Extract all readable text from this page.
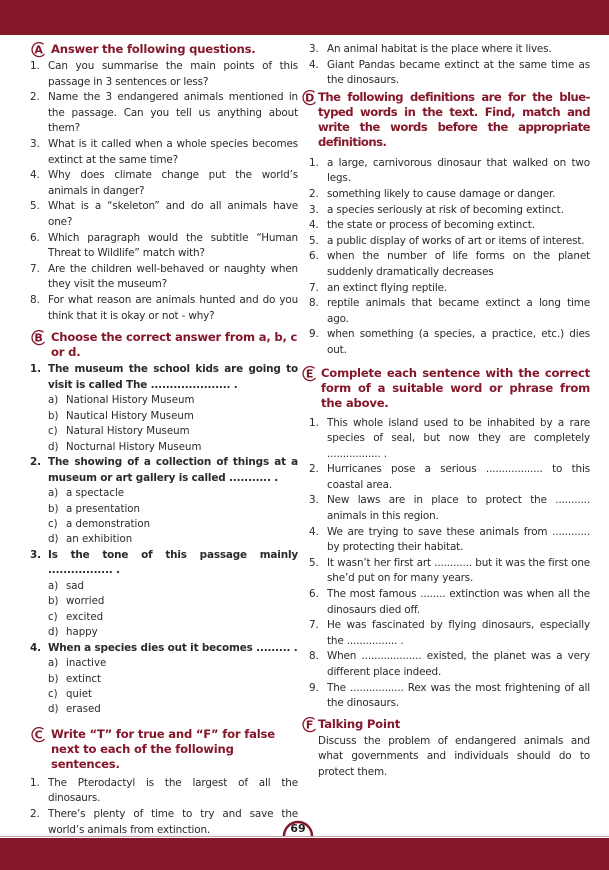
A Answer the following questions.
1. Can you summarise the main points of this passage in 3 sentences or less?
2. Name the 3 endangered animals mentioned in the passage. Can you tell us anything about them?
3. What is it called when a whole species becomes extinct at the same time?
4. Why does climate change put the world’s animals in danger?
5. What is a “skeleton” and do all animals have one?
6. Which paragraph would the subtitle “Human Threat to Wildlife” match with?
7. Are the children well-behaved or naughty when they visit the museum?
8. For what reason are animals hunted and do you think that it is okay or not - why?
B Choose the correct answer from a, b, c or d.
1. The museum the school kids are going to visit is called The ..................... .
a) National History Museum
b) Nautical History Museum
c) Natural History Museum
d) Nocturnal History Museum
2. The showing of a collection of things at a museum or art gallery is called ........... .
a) a spectacle
b) a presentation
c) a demonstration
d) an exhibition
3. Is the tone of this passage mainly ................. .
a) sad
b) worried
c) excited
d) happy
4. When a species dies out it becomes ......... .
a) inactive
b) extinct
c) quiet
d) erased
C Write “T” for true and “F” for false next to each of the following sentences.
1. The Pterodactyl is the largest of all the dinosaurs.
2. There’s plenty of time to try and save the world’s animals from extinction.
3. An animal habitat is the place where it lives.
4. Giant Pandas became extinct at the same time as the dinosaurs.
D The following definitions are for the blue-typed words in the text. Find, match and write the words before the appropriate definitions.
1. a large, carnivorous dinosaur that walked on two legs.
2. something likely to cause damage or danger.
3. a species seriously at risk of becoming extinct.
4. the state or process of becoming extinct.
5. a public display of works of art or items of interest.
6. when the number of life forms on the planet suddenly dramatically decreases
7. an extinct flying reptile.
8. reptile animals that became extinct a long time ago.
9. when something (a species, a practice, etc.) dies out.
E Complete each sentence with the correct form of a suitable word or phrase from the above.
1. This whole island used to be inhabited by a rare species of seal, but now they are completely ................. .
2. Hurricanes pose a serious .................. to this coastal area.
3. New laws are in place to protect the ........... animals in this region.
4. We are trying to save these animals from ............ by protecting their habitat.
5. It wasn’t her first art ............ but it was the first one she’d put on for many years.
6. The most famous ........ extinction was when all the dinosaurs died off.
7. He was fascinated by flying dinosaurs, especially the ................ .
8. When ................... existed, the planet was a very different place indeed.
9. The ................. Rex was the most frightening of all the dinosaurs.
F Talking Point
Discuss the problem of endangered animals and what governments and individuals should do to protect them.
69
